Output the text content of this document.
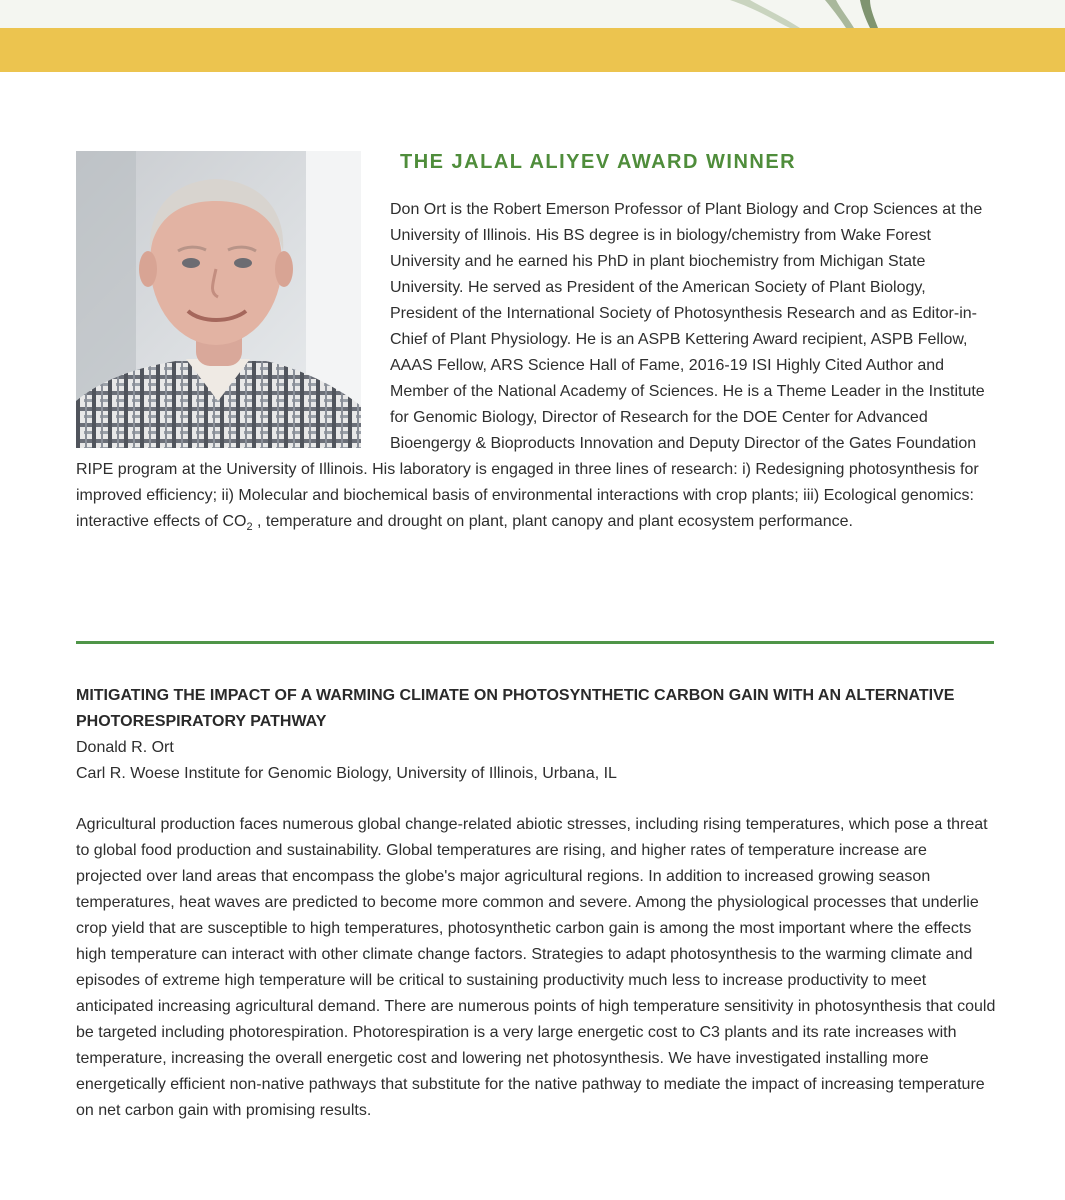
THE JALAL ALIYEV AWARD WINNER

Don Ort is the Robert Emerson Professor of Plant Biology and Crop Sciences at the University of Illinois. His BS degree is in biology/chemistry from Wake Forest University and he earned his PhD in plant biochemistry from Michigan State University. He served as President of the American Society of Plant Biology, President of the International Society of Photosynthesis Research and as Editor-in-Chief of Plant Physiology. He is an ASPB Kettering Award recipient, ASPB Fellow, AAAS Fellow, ARS Science Hall of Fame, 2016-19 ISI Highly Cited Author and Member of the National Academy of Sciences. He is a Theme Leader in the Institute for Genomic Biology, Director of Research for the DOE Center for Advanced Bioengergy & Bioproducts Innovation and Deputy Director of the Gates Foundation RIPE program at the University of Illinois. His laboratory is engaged in three lines of research: i) Redesigning photosynthesis for improved efficiency; ii) Molecular and biochemical basis of environmental interactions with crop plants; iii) Ecological genomics: interactive effects of $CO_2$ , temperature and drought on plant, plant canopy and plant ecosystem performance.

MITIGATING THE IMPACT OF A WARMING CLIMATE ON PHOTOSYNTHETIC CARBON GAIN WITH AN ALTERNATIVE PHOTORESPIRATORY PATHWAY

Donald R. Ort

Carl R. Woese Institute for Genomic Biology, University of Illinois, Urbana, IL

Agricultural production faces numerous global change-related abiotic stresses, including rising temperatures, which pose a threat to global food production and sustainability. Global temperatures are rising, and higher rates of temperature increase are projected over land areas that encompass the globe's major agricultural regions. In addition to increased growing season temperatures, heat waves are predicted to become more common and severe. Among the physiological processes that underlie crop yield that are susceptible to high temperatures, photosynthetic carbon gain is among the most important where the effects high temperature can interact with other climate change factors. Strategies to adapt photosynthesis to the warming climate and episodes of extreme high temperature will be critical to sustaining productivity much less to increase productivity to meet anticipated increasing agricultural demand. There are numerous points of high temperature sensitivity in photosynthesis that could be targeted including photorespiration. Photorespiration is a very large energetic cost to C3 plants and its rate increases with temperature, increasing the overall energetic cost and lowering net photosynthesis. We have investigated installing more energetically efficient non-native pathways that substitute for the native pathway to mediate the impact of increasing temperature on net carbon gain with promising results.
